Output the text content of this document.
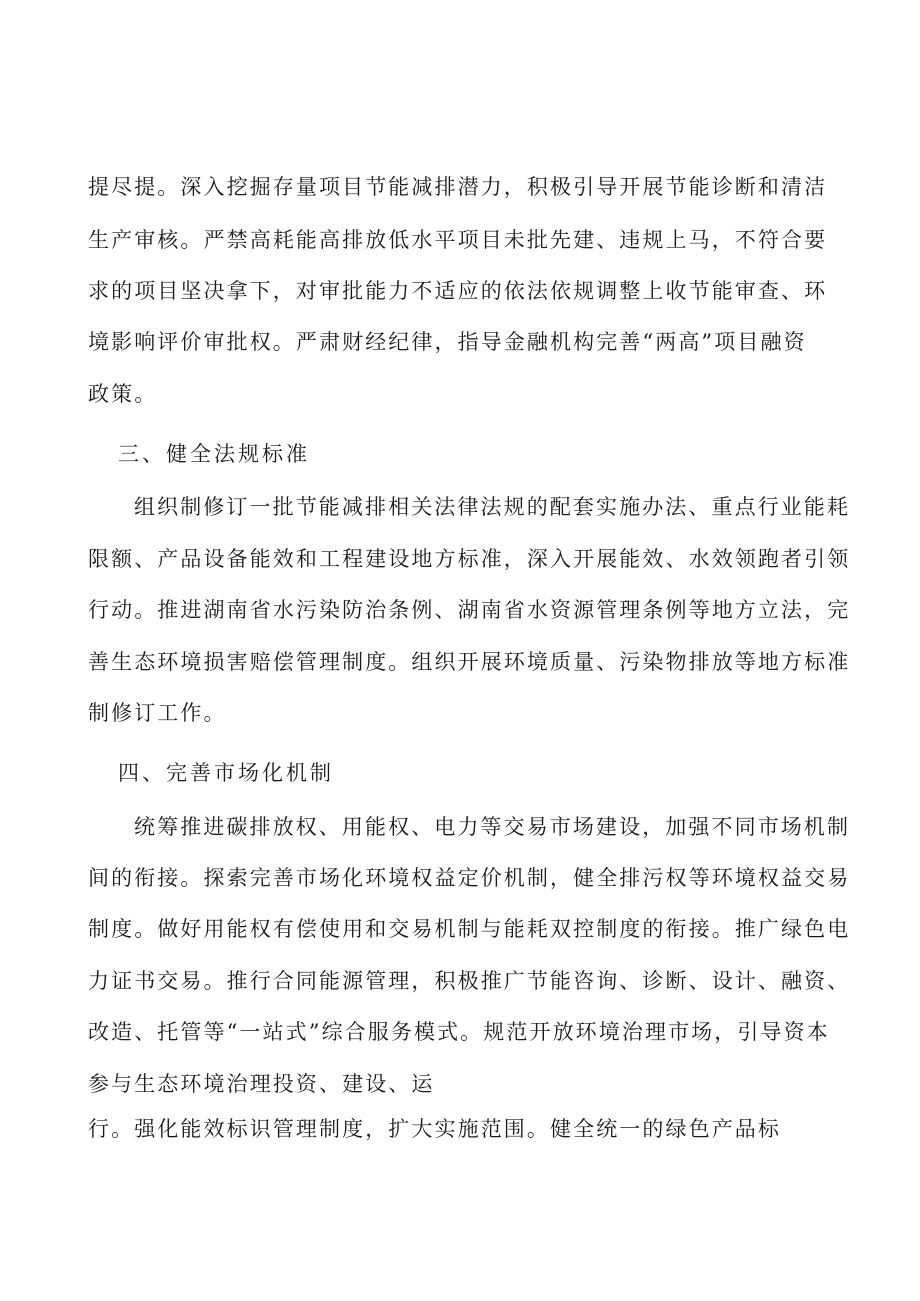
提尽提。深入挖掘存量项目节能减排潜力，积极引导开展节能诊断和清洁
生产审核。严禁高耗能高排放低水平项目未批先建、违规上马，不符合要
求的项目坚决拿下，对审批能力不适应的依法依规调整上收节能审查、环
境影响评价审批权。严肃财经纪律，指导金融机构完善“两高”项目融资
政策。
三、健全法规标准
组织制修订一批节能减排相关法律法规的配套实施办法、重点行业能耗
限额、产品设备能效和工程建设地方标准，深入开展能效、水效领跑者引领
行动。推进湖南省水污染防治条例、湖南省水资源管理条例等地方立法，完
善生态环境损害赔偿管理制度。组织开展环境质量、污染物排放等地方标准
制修订工作。
四、完善市场化机制
统筹推进碳排放权、用能权、电力等交易市场建设，加强不同市场机制
间的衔接。探索完善市场化环境权益定价机制，健全排污权等环境权益交易
制度。做好用能权有偿使用和交易机制与能耗双控制度的衔接。推广绿色电
力证书交易。推行合同能源管理，积极推广节能咨询、诊断、设计、融资、
改造、托管等“一站式”综合服务模式。规范开放环境治理市场，引导资本
参与生态环境治理投资、建设、运
行。强化能效标识管理制度，扩大实施范围。健全统一的绿色产品标
